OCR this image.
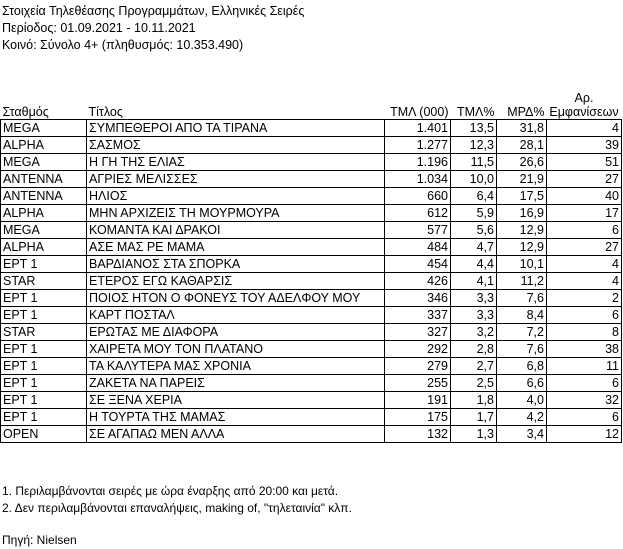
Στοιχεία Τηλεθέασης Προγραμμάτων, Ελληνικές Σειρές
Περίοδος: 01.09.2021 - 10.11.2021
Κοινό: Σύνολο 4+ (πληθυσμός: 10.353.490)
Σταθμός	Τίτλος	ΤΜΛ (000)	ΤΜΛ%	ΜΡΔ%	Αρ.
Εμφανίσεων
MEGA	ΣΥΜΠΕΘΕΡΟΙ ΑΠΟ ΤΑ ΤΙΡΑΝΑ	1.401	13,5	31,8	4
ALPHA	ΣΑΣΜΟΣ	1.277	12,3	28,1	39
MEGA	Η ΓΗ ΤΗΣ ΕΛΙΑΣ	1.196	11,5	26,6	51
ANTENNA	ΑΓΡΙΕΣ ΜΕΛΙΣΣΕΣ	1.034	10,0	21,9	27
ANTENNA	ΗΛΙΟΣ	660	6,4	17,5	40
ALPHA	ΜΗΝ ΑΡΧΙΖΕΙΣ ΤΗ ΜΟΥΡΜΟΥΡΑ	612	5,9	16,9	17
MEGA	ΚΟΜΑΝΤΑ ΚΑΙ ΔΡΑΚΟΙ	577	5,6	12,9	6
ALPHA	ΑΣΕ ΜΑΣ ΡΕ ΜΑΜΑ	484	4,7	12,9	27
EPT 1	ΒΑΡΔΙΑΝΟΣ ΣΤΑ ΣΠΟΡΚΑ	454	4,4	10,1	4
STAR	ΕΤΕΡΟΣ ΕΓΩ ΚΑΘΑΡΣΙΣ	426	4,1	11,2	4
EPT 1	ΠΟΙΟΣ ΗΤΟΝ Ο ΦΟΝΕΥΣ ΤΟΥ ΑΔΕΛΦΟΥ ΜΟΥ	346	3,3	7,6	2
EPT 1	ΚΑΡΤ ΠΟΣΤΑΛ	337	3,3	8,4	6
STAR	ΕΡΩΤΑΣ ΜΕ ΔΙΑΦΟΡΑ	327	3,2	7,2	8
EPT 1	ΧΑΙΡΕΤΑ ΜΟΥ ΤΟΝ ΠΛΑΤΑΝΟ	292	2,8	7,6	38
EPT 1	ΤΑ ΚΑΛΥΤΕΡΑ ΜΑΣ ΧΡΟΝΙΑ	279	2,7	6,8	11
EPT 1	ΖΑΚΕΤΑ ΝΑ ΠΑΡΕΙΣ	255	2,5	6,6	6
EPT 1	ΣΕ ΞΕΝΑ ΧΕΡΙΑ	191	1,8	4,0	32
EPT 1	Η ΤΟΥΡΤΑ ΤΗΣ ΜΑΜΑΣ	175	1,7	4,2	6
OPEN	ΣΕ ΑΓΑΠΑΩ ΜΕΝ ΑΛΛΑ	132	1,3	3,4	12
1. Περιλαμβάνονται σειρές με ώρα έναρξης από 20:00 και μετά.
2. Δεν περιλαμβάνονται επαναλήψεις, making of, "τηλεταινία" κλπ.
Πηγή: Nielsen
